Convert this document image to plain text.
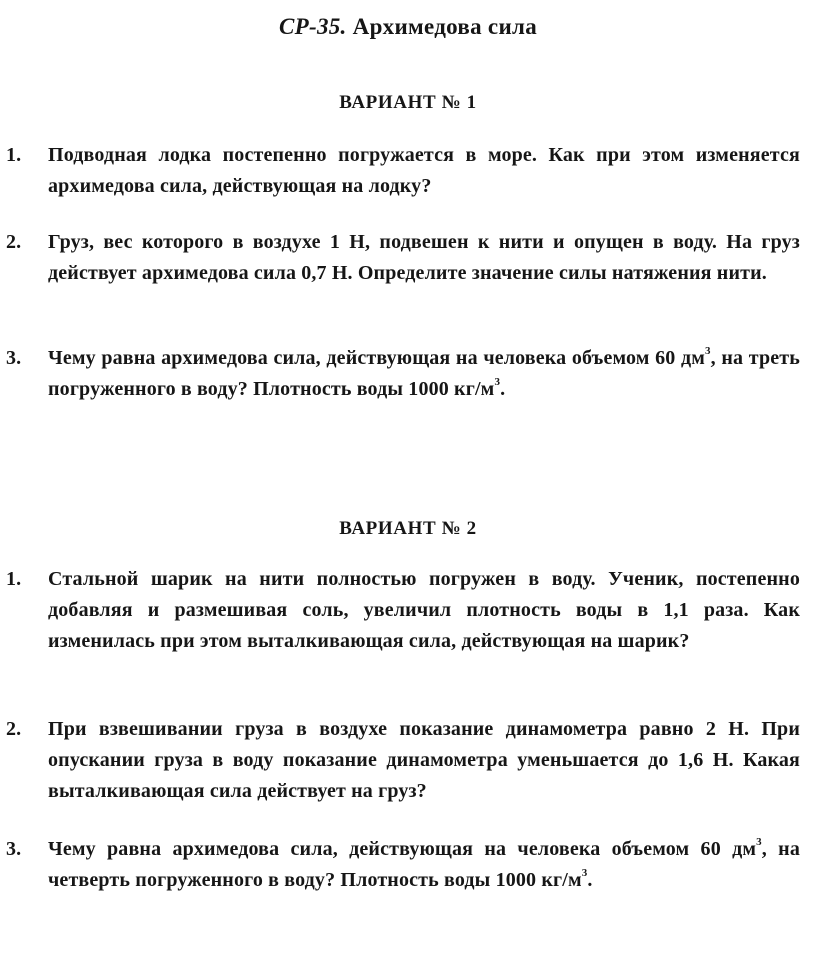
СР-35. Архимедова сила
ВАРИАНТ № 1
1. Подводная лодка постепенно погружается в море. Как при этом изменяется архимедова сила, действующая на лодку?
2. Груз, вес которого в воздухе 1 Н, подвешен к нити и опущен в воду. На груз действует архимедова сила 0,7 Н. Определите значение силы натяжения нити.
3. Чему равна архимедова сила, действующая на человека объемом 60 $дм^3$, на треть погруженного в воду? Плотность воды 1000 $кг/м^3$.
ВАРИАНТ № 2
1. Стальной шарик на нити полностью погружен в воду. Ученик, постепенно добавляя и размешивая соль, увеличил плотность воды в 1,1 раза. Как изменилась при этом выталкивающая сила, действующая на шарик?
2. При взвешивании груза в воздухе показание динамометра равно 2 Н. При опускании груза в воду показание динамометра уменьшается до 1,6 Н. Какая выталкивающая сила действует на груз?
3. Чему равна архимедова сила, действующая на человека объемом 60 $дм^3$, на четверть погруженного в воду? Плотность воды 1000 $кг/м^3$.
